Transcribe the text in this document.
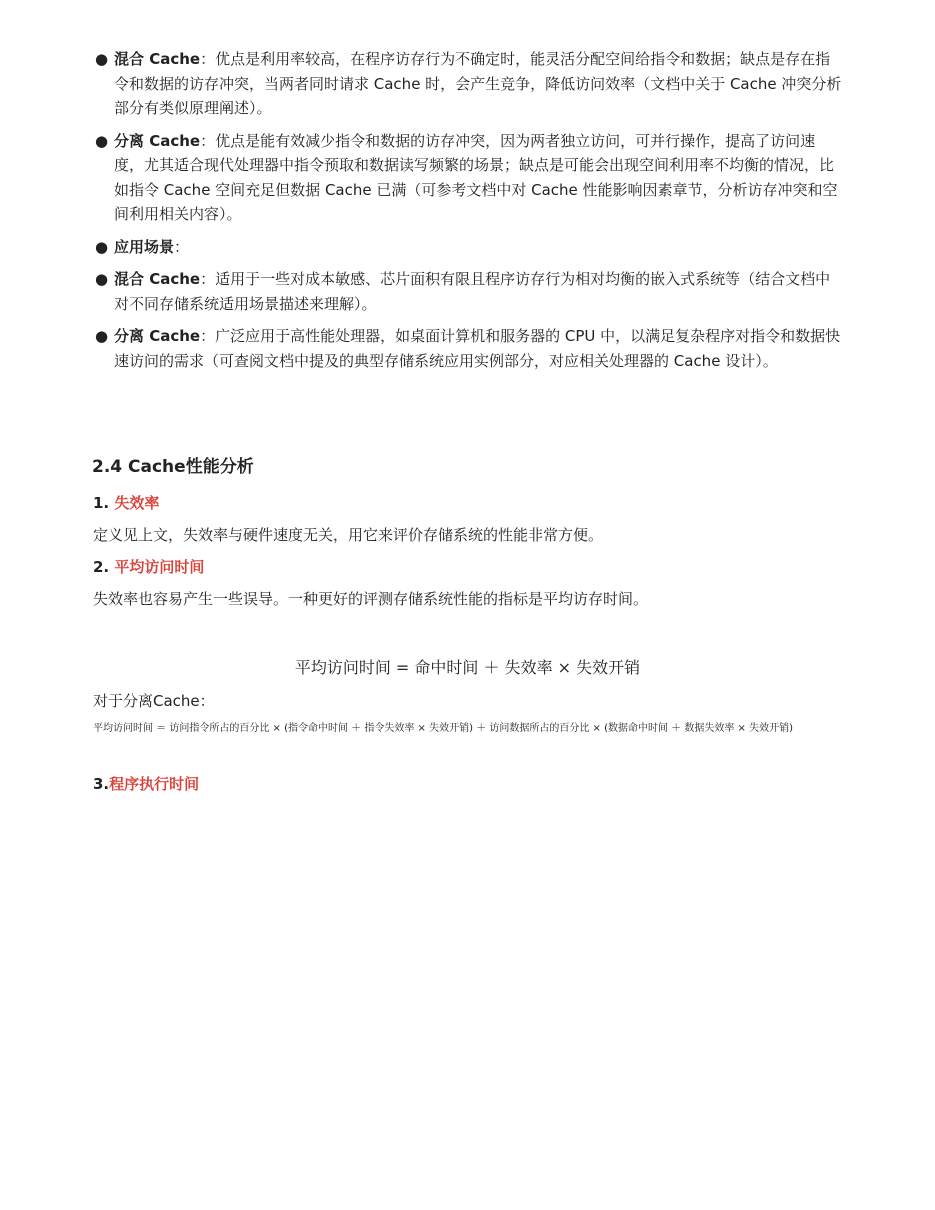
● 混合 Cache：优点是利用率较高，在程序访存行为不确定时，能灵活分配空间给指令和数据；缺点是存在指令和数据的访存冲突，当两者同时请求 Cache 时，会产生竞争，降低访问效率（文档中关于 Cache 冲突分析部分有类似原理阐述）。
● 分离 Cache：优点是能有效减少指令和数据的访存冲突，因为两者独立访问，可并行操作，提高了访问速度，尤其适合现代处理器中指令预取和数据读写频繁的场景；缺点是可能会出现空间利用率不均衡的情况，比如指令 Cache 空间充足但数据 Cache 已满（可参考文档中对 Cache 性能影响因素章节，分析访存冲突和空间利用相关内容）。
● 应用场景：
● 混合 Cache：适用于一些对成本敏感、芯片面积有限且程序访存行为相对均衡的嵌入式系统等（结合文档中对不同存储系统适用场景描述来理解）。
● 分离 Cache：广泛应用于高性能处理器，如桌面计算机和服务器的 CPU 中，以满足复杂程序对指令和数据快速访问的需求（可查阅文档中提及的典型存储系统应用实例部分，对应相关处理器的 Cache 设计）。
2.4 Cache性能分析
1. 失效率
定义见上文，失效率与硬件速度无关，用它来评价存储系统的性能非常方便。
2. 平均访问时间
失效率也容易产生一些误导。一种更好的评测存储系统性能的指标是平均访存时间。
平均访问时间 = 命中时间 ＋ 失效率 × 失效开销
对于分离Cache：
平均访问时间 ＝ 访问指令所占的百分比 × (指令命中时间 ＋ 指令失效率 × 失效开销) ＋ 访问数据所占的百分比 × (数据命中时间 ＋ 数据失效率 × 失效开销)
3.程序执行时间
